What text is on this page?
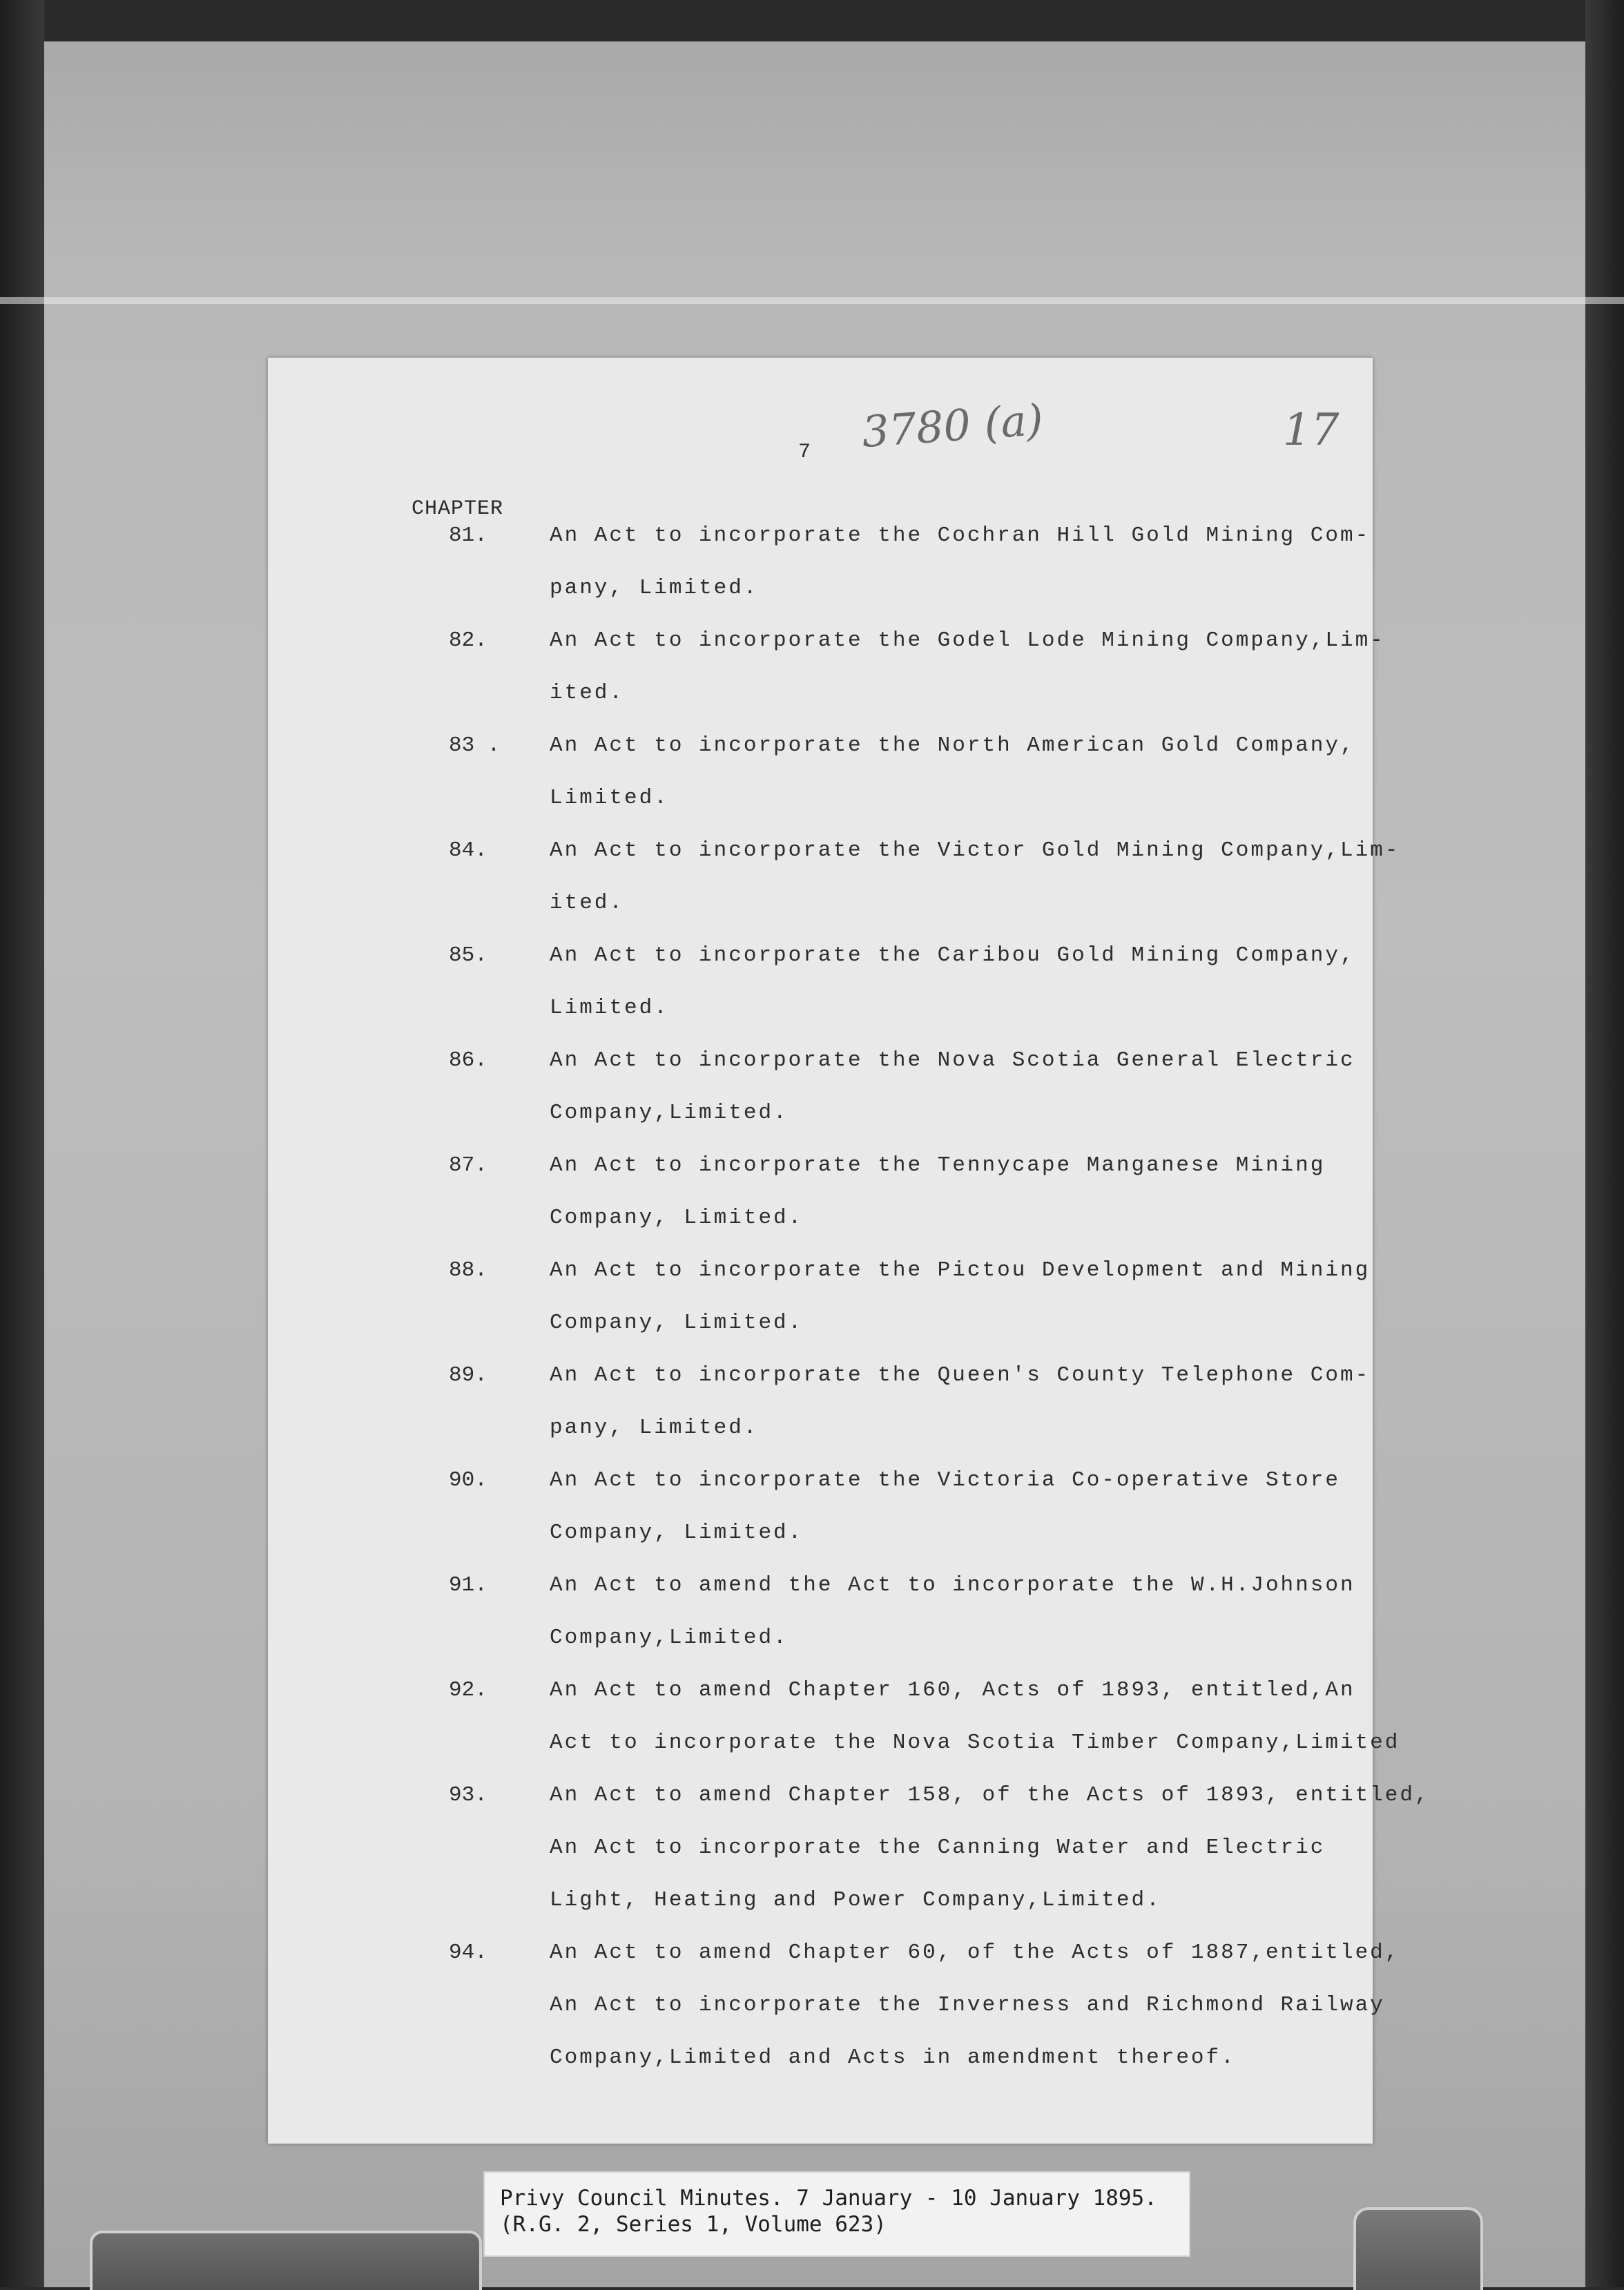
3780 (a)	17
7
CHAPTER
81.	An Act to incorporate the Cochran Hill Gold Mining Com-
pany, Limited.
82.	An Act to incorporate the Godel Lode Mining Company,Lim-
ited.
83 . An Act to incorporate the North American Gold Company,
Limited.
84.	An Act to incorporate the Victor Gold Mining Company,Lim-
ited.
85.	An Act to incorporate the Caribou Gold Mining Company,
Limited.
86.	An Act to incorporate the Nova Scotia General Electric
Company,Limited.
87.	An Act to incorporate the Tennycape Manganese Mining
Company, Limited.
88.	An Act to incorporate the Pictou Development and Mining
Company, Limited.
89.	An Act to incorporate the Queen's County Telephone Com-
pany, Limited.
90.	An Act to incorporate the Victoria Co-operative Store
Company, Limited.
91.	An Act to amend the Act to incorporate the W.H.Johnson
Company,Limited.
92.	An Act to amend Chapter 160, Acts of 1893, entitled,An
Act to incorporate the Nova Scotia Timber Company,Limited
93.	An Act to amend Chapter 158, of the Acts of 1893, entitled,
An Act to incorporate the Canning Water and Electric
Light, Heating and Power Company,Limited.
94.	An Act to amend Chapter 60, of the Acts of 1887,entitled,
An Act to incorporate the Inverness and Richmond Railway
Company,Limited and Acts in amendment thereof.
Privy Council Minutes. 7 January - 10 January 1895.
(R.G. 2, Series 1, Volume 623)
